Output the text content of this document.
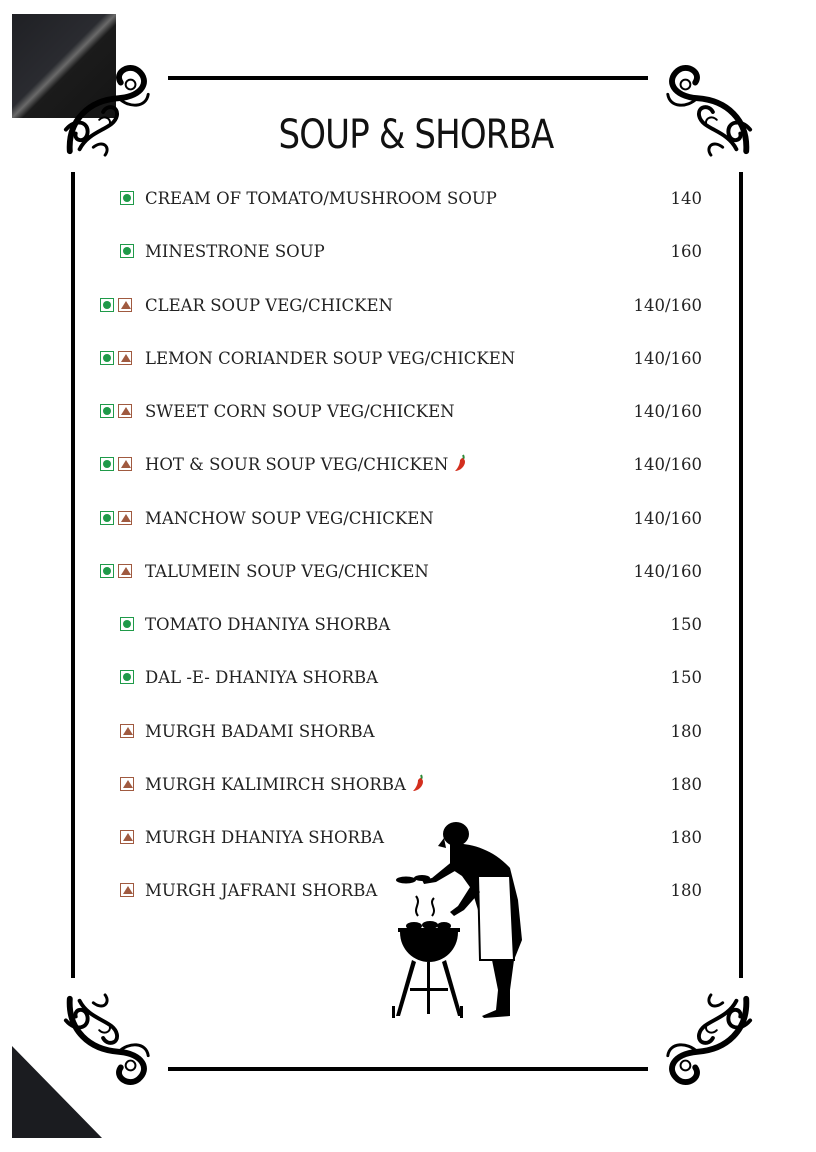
SOUP & SHORBA
CREAM OF TOMATO/MUSHROOM SOUP	140
MINESTRONE SOUP	160
CLEAR SOUP VEG/CHICKEN	140/160
LEMON CORIANDER SOUP VEG/CHICKEN	140/160
SWEET CORN SOUP VEG/CHICKEN	140/160
HOT & SOUR SOUP VEG/CHICKEN	140/160
MANCHOW SOUP VEG/CHICKEN	140/160
TALUMEIN SOUP VEG/CHICKEN	140/160
TOMATO DHANIYA SHORBA	150
DAL -E- DHANIYA SHORBA	150
MURGH BADAMI SHORBA	180
MURGH KALIMIRCH SHORBA	180
MURGH DHANIYA SHORBA	180
MURGH JAFRANI SHORBA	180
